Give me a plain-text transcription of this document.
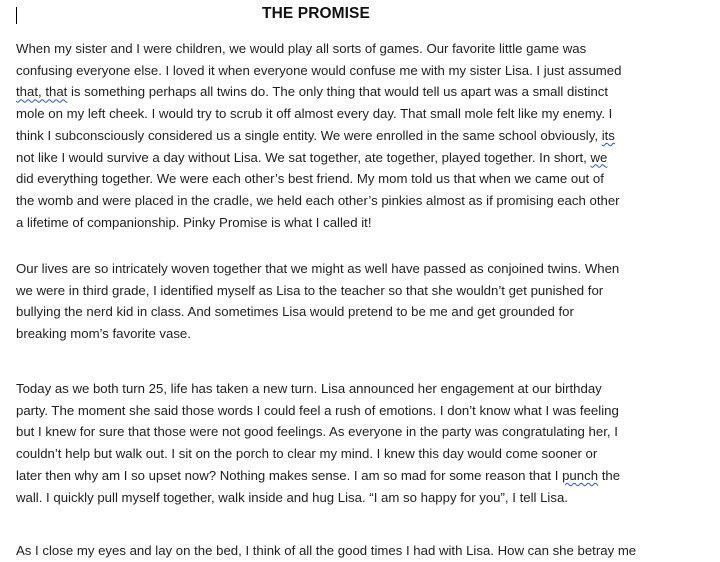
THE PROMISE

When my sister and I were children, we would play all sorts of games. Our favorite little game was
confusing everyone else. I loved it when everyone would confuse me with my sister Lisa. I just assumed
that, that is something perhaps all twins do. The only thing that would tell us apart was a small distinct
mole on my left cheek. I would try to scrub it off almost every day. That small mole felt like my enemy. I
think I subconsciously considered us a single entity. We were enrolled in the same school obviously, its
not like I would survive a day without Lisa. We sat together, ate together, played together. In short, we
did everything together. We were each other’s best friend. My mom told us that when we came out of
the womb and were placed in the cradle, we held each other’s pinkies almost as if promising each other
a lifetime of companionship. Pinky Promise is what I called it!

Our lives are so intricately woven together that we might as well have passed as conjoined twins. When
we were in third grade, I identified myself as Lisa to the teacher so that she wouldn’t get punished for
bullying the nerd kid in class. And sometimes Lisa would pretend to be me and get grounded for
breaking mom’s favorite vase.

Today as we both turn 25, life has taken a new turn. Lisa announced her engagement at our birthday
party. The moment she said those words I could feel a rush of emotions. I don’t know what I was feeling
but I knew for sure that those were not good feelings. As everyone in the party was congratulating her, I
couldn’t help but walk out. I sit on the porch to clear my mind. I knew this day would come sooner or
later then why am I so upset now? Nothing makes sense. I am so mad for some reason that I punch the
wall. I quickly pull myself together, walk inside and hug Lisa. “I am so happy for you”, I tell Lisa.

As I close my eyes and lay on the bed, I think of all the good times I had with Lisa. How can she betray me
